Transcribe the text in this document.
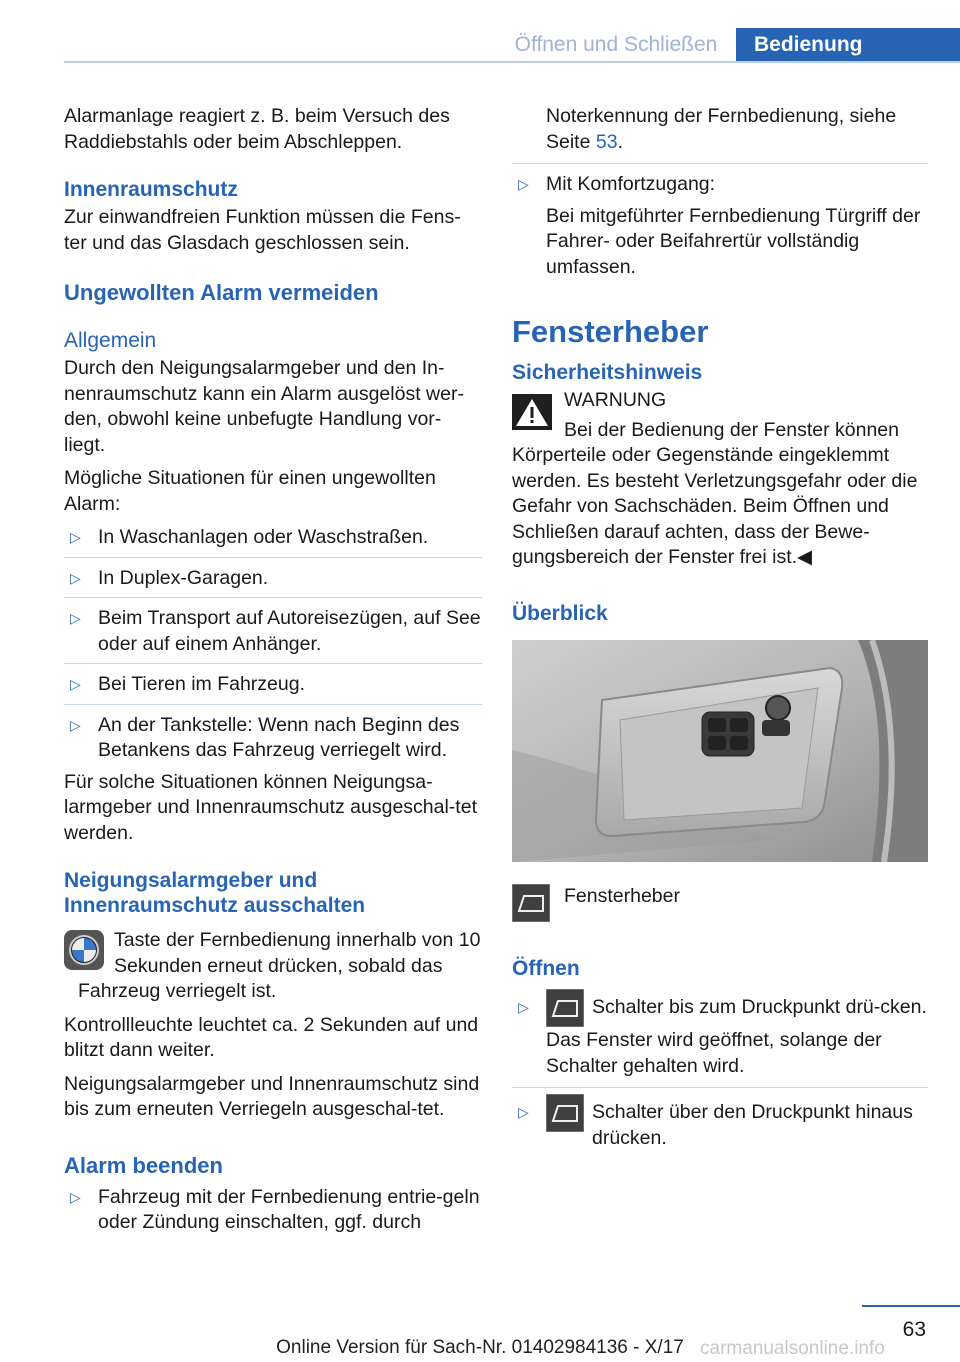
Öffnen und Schließen	Bedienung

Alarmanlage reagiert z. B. beim Versuch des Raddiebstahls oder beim Abschleppen.

Innenraumschutz

Zur einwandfreien Funktion müssen die Fens-ter und das Glasdach geschlossen sein.

Ungewollten Alarm vermeiden
Allgemein

Durch den Neigungsalarmgeber und den In-nenraumschutz kann ein Alarm ausgelöst wer-den, obwohl keine unbefugte Handlung vor-liegt.

Mögliche Situationen für einen ungewollten Alarm:

▷ In Waschanlagen oder Waschstraßen.
▷ In Duplex-Garagen.
▷ Beim Transport auf Autoreisezügen, auf See oder auf einem Anhänger.
▷ Bei Tieren im Fahrzeug.
▷ An der Tankstelle: Wenn nach Beginn des Betankens das Fahrzeug verriegelt wird.

Für solche Situationen können Neigungsa-larmgeber und Innenraumschutz ausgeschal-tet werden.

Neigungsalarmgeber und Innenraumschutz ausschalten

Taste der Fernbedienung innerhalb von 10 Sekunden erneut drücken, sobald das Fahrzeug verriegelt ist.

Kontrollleuchte leuchtet ca. 2 Sekunden auf und blitzt dann weiter.

Neigungsalarmgeber und Innenraumschutz sind bis zum erneuten Verriegeln ausgeschal-tet.

Alarm beenden
▷ Fahrzeug mit der Fernbedienung entrie-geln oder Zündung einschalten, ggf. durch

Noterkennung der Fernbedienung, siehe Seite 53.

▷ Mit Komfortzugang:

Bei mitgeführter Fernbedienung Türgriff der Fahrer- oder Beifahrertür vollständig umfassen.

Fensterheber
Sicherheitshinweis
WARNUNG
Bei der Bedienung der Fenster können
Körperteile oder Gegenstände eingeklemmt werden. Es besteht Verletzungsgefahr oder die Gefahr von Sachschäden. Beim Öffnen und Schließen darauf achten, dass der Bewe-gungsbereich der Fenster frei ist.◀
Überblick
Fensterheber
Öffnen
▷	Schalter bis zum Druckpunkt drü-cken.

Das Fenster wird geöffnet, solange der Schalter gehalten wird.

▷	Schalter über den Druckpunkt hinaus drücken.
63
Online Version für Sach-Nr. 01402984136 - X/17 carmanualsonline.info
